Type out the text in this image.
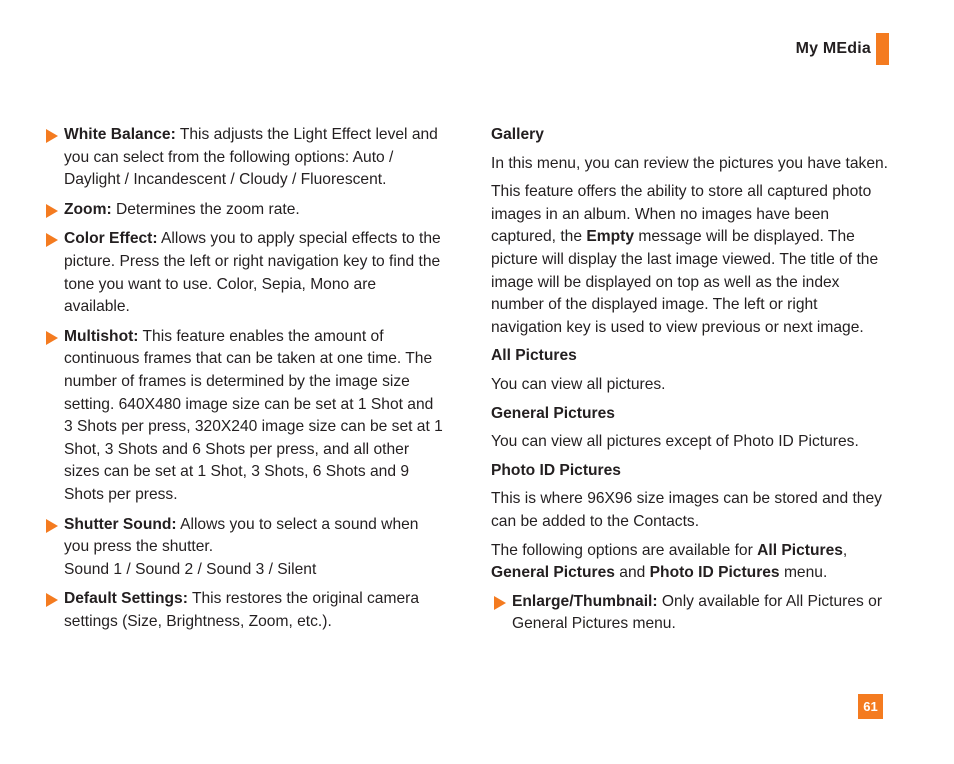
My MEdia
White Balance: This adjusts the Light Effect level and you can select from the following options: Auto / Daylight / Incandescent / Cloudy / Fluorescent.
Zoom: Determines the zoom rate.
Color Effect: Allows you to apply special effects to the picture. Press the left or right navigation key to find the tone you want to use. Color, Sepia, Mono are available.
Multishot: This feature enables the amount of continuous frames that can be taken at one time. The number of frames is determined by the image size setting. 640X480 image size can be set at 1 Shot and 3 Shots per press, 320X240 image size can be set at 1 Shot, 3 Shots and 6 Shots per press, and all other sizes can be set at 1 Shot, 3 Shots, 6 Shots and 9 Shots per press.
Shutter Sound: Allows you to select a sound when you press the shutter.
Sound 1 / Sound 2 / Sound 3 / Silent
Default Settings: This restores the original camera settings (Size, Brightness, Zoom, etc.).
Gallery
In this menu, you can review the pictures you have taken.
This feature offers the ability to store all captured photo images in an album. When no images have been captured, the Empty message will be displayed. The picture will display the last image viewed. The title of the image will be displayed on top as well as the index number of the displayed image. The left or right navigation key is used to view previous or next image.
All Pictures
You can view all pictures.
General Pictures
You can view all pictures except of Photo ID Pictures.
Photo ID Pictures
This is where 96X96 size images can be stored and they can be added to the Contacts.
The following options are available for All Pictures, General Pictures and Photo ID Pictures menu.
Enlarge/Thumbnail: Only available for All Pictures or General Pictures menu.
61
